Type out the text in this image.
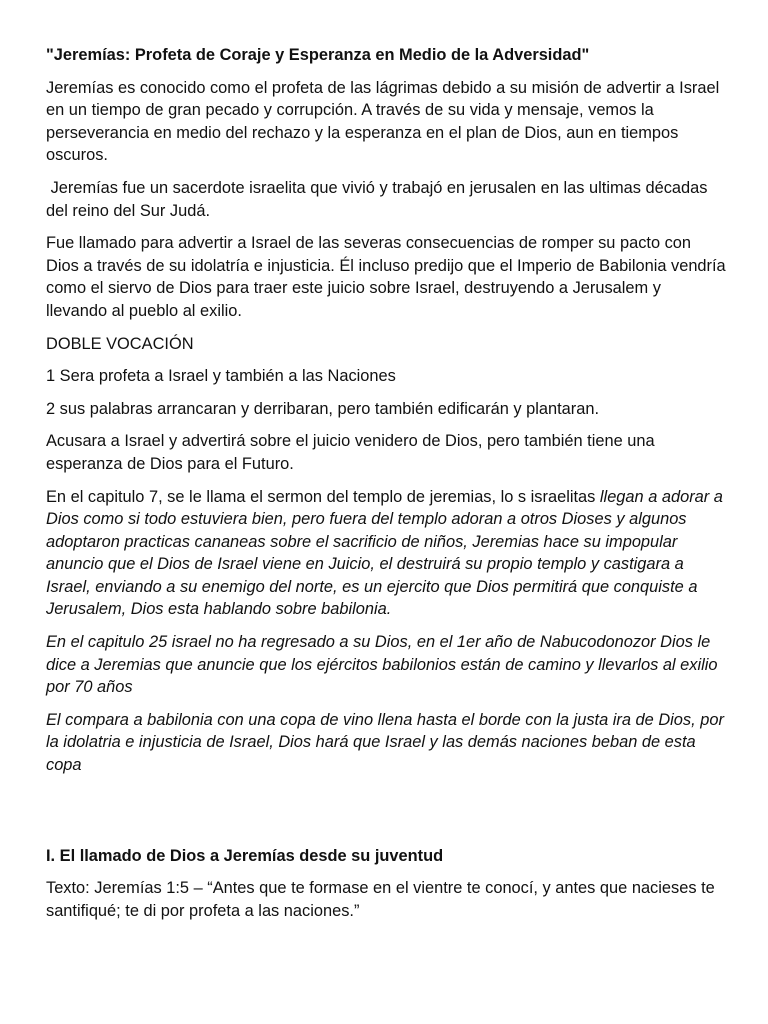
"Jeremías: Profeta de Coraje y Esperanza en Medio de la Adversidad"

Jeremías es conocido como el profeta de las lágrimas debido a su misión de advertir a Israel en un tiempo de gran pecado y corrupción. A través de su vida y mensaje, vemos la perseverancia en medio del rechazo y la esperanza en el plan de Dios, aun en tiempos oscuros.

Jeremías fue un sacerdote israelita que vivió y trabajó en jerusalen en las ultimas décadas del reino del Sur Judá.

Fue llamado para advertir a Israel de las severas consecuencias de romper su pacto con Dios a través de su idolatría e injusticia. Él incluso predijo que el Imperio de Babilonia vendría como el siervo de Dios para traer este juicio sobre Israel, destruyendo a Jerusalem y llevando al pueblo al exilio.

DOBLE VOCACIÓN

1 Sera profeta a Israel y también a las Naciones

2 sus palabras arrancaran y derribaran, pero también edificarán y plantaran.

Acusara a Israel y advertirá sobre el juicio venidero de Dios, pero también tiene una esperanza de Dios para el Futuro.

En el capitulo 7, se le llama el sermon del templo de jeremias, lo s israelitas llegan a adorar a Dios como si todo estuviera bien, pero fuera del templo adoran a otros Dioses y algunos adoptaron practicas cananeas sobre el sacrificio de niños, Jeremias hace su impopular anuncio que el Dios de Israel viene en Juicio, el destruirá su propio templo y castigara a Israel, enviando a su enemigo del norte, es un ejercito que Dios permitirá que conquiste a Jerusalem, Dios esta hablando sobre babilonia.

En el capitulo 25 israel no ha regresado a su Dios, en el 1er año de Nabucodonozor Dios le dice a Jeremias que anuncie que los ejércitos babilonios están de camino y llevarlos al exilio por 70 años

El compara a babilonia con una copa de vino llena hasta el borde con la justa ira de Dios, por la idolatria e injusticia de Israel, Dios hará que Israel y las demás naciones beban de esta copa

I. El llamado de Dios a Jeremías desde su juventud

Texto: Jeremías 1:5 – “Antes que te formase en el vientre te conocí, y antes que nacieses te santifiqué; te di por profeta a las naciones.”
